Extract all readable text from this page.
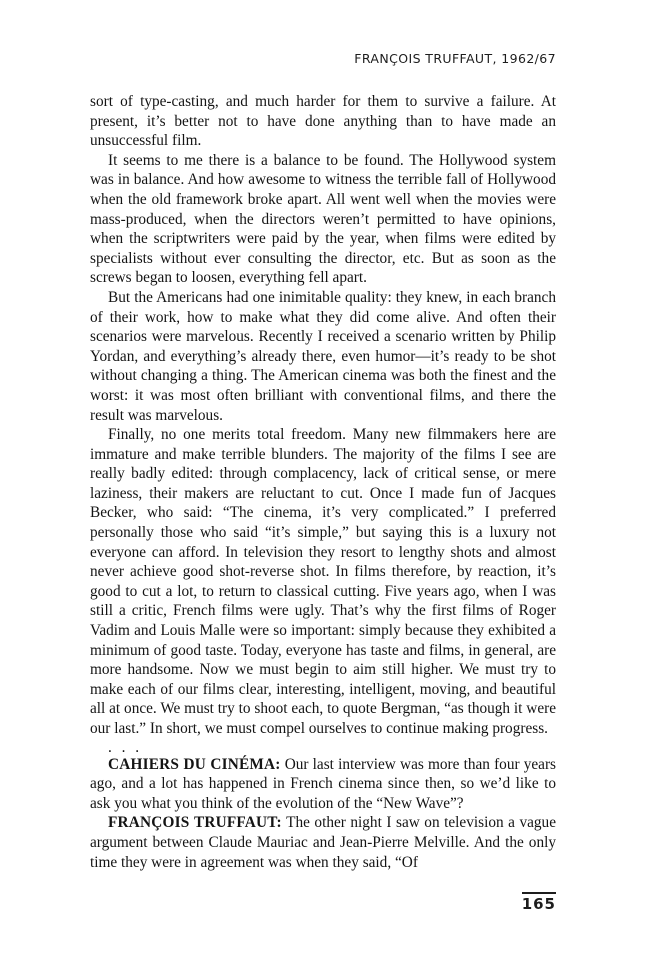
FRANÇOIS TRUFFAUT, 1962/67

sort of type-casting, and much harder for them to survive a failure. At present, it’s better not to have done anything than to have made an unsuccessful film.

It seems to me there is a balance to be found. The Hollywood system was in balance. And how awesome to witness the terrible fall of Hollywood when the old framework broke apart. All went well when the movies were mass-produced, when the directors weren’t permitted to have opinions, when the scriptwriters were paid by the year, when films were edited by specialists without ever consulting the director, etc. But as soon as the screws began to loosen, everything fell apart.

But the Americans had one inimitable quality: they knew, in each branch of their work, how to make what they did come alive. And often their scenarios were marvelous. Recently I received a scenario written by Philip Yordan, and everything’s already there, even humor—it’s ready to be shot without changing a thing. The American cinema was both the finest and the worst: it was most often brilliant with conventional films, and there the result was marvelous.

Finally, no one merits total freedom. Many new filmmakers here are immature and make terrible blunders. The majority of the films I see are really badly edited: through complacency, lack of critical sense, or mere laziness, their makers are reluctant to cut. Once I made fun of Jacques Becker, who said: “The cinema, it’s very complicated.” I preferred personally those who said “it’s simple,” but saying this is a luxury not everyone can afford. In television they resort to lengthy shots and almost never achieve good shot-reverse shot. In films therefore, by reaction, it’s good to cut a lot, to return to classical cutting. Five years ago, when I was still a critic, French films were ugly. That’s why the first films of Roger Vadim and Louis Malle were so important: simply because they exhibited a minimum of good taste. Today, everyone has taste and films, in general, are more handsome. Now we must begin to aim still higher. We must try to make each of our films clear, interesting, intelligent, moving, and beautiful all at once. We must try to shoot each, to quote Bergman, “as though it were our last.” In short, we must compel ourselves to continue making progress.

. . .

CAHIERS DU CINÉMA: Our last interview was more than four years ago, and a lot has happened in French cinema since then, so we’d like to ask you what you think of the evolution of the “New Wave”?

FRANÇOIS TRUFFAUT: The other night I saw on television a vague argument between Claude Mauriac and Jean-Pierre Melville. And the only time they were in agreement was when they said, “Of

165
